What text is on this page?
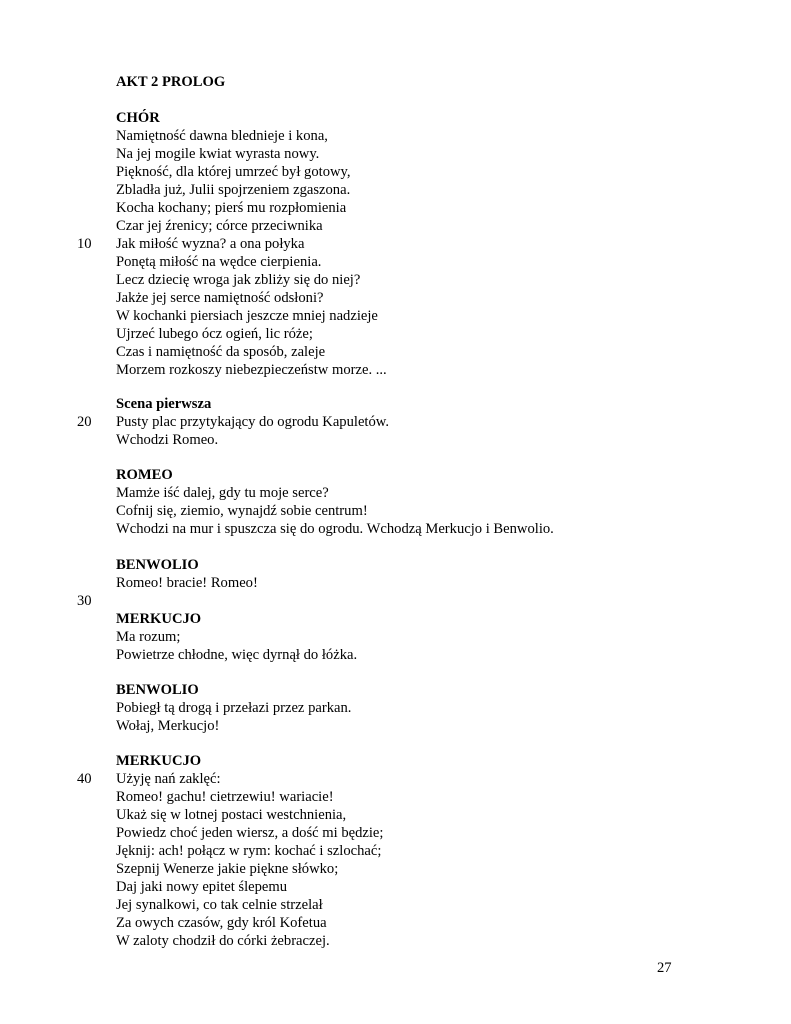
AKT 2 PROLOG
CHÓR
Namiętność dawna blednieje i kona,
Na jej mogile kwiat wyrasta nowy.
Piękność, dla której umrzeć był gotowy,
Zbladła już, Julii spojrzeniem zgaszona.
Kocha kochany; pierś mu rozpłomienia
Czar jej źrenicy; córce przeciwnika
Jak miłość wyzna? a ona połyka
Ponętą miłość na wędce cierpienia.
Lecz dziecię wroga jak zbliży się do niej?
Jakże jej serce namiętność odsłoni?
W kochanki piersiach jeszcze mniej nadzieje
Ujrzeć lubego ócz ogień, lic róże;
Czas i namiętność da sposób, zaleje
Morzem rozkoszy niebezpieczeństw morze. ...
Scena pierwsza
Pusty plac przytykający do ogrodu Kapuletów.
Wchodzi Romeo.
ROMEO
Mamże iść dalej, gdy tu moje serce?
Cofnij się, ziemio, wynajdź sobie centrum!
Wchodzi na mur i spuszcza się do ogrodu. Wchodzą Merkucjo i Benwolio.
BENWOLIO
Romeo! bracie! Romeo!
MERKUCJO
Ma rozum;
Powietrze chłodne, więc dyrnął do łóżka.
BENWOLIO
Pobiegł tą drogą i przełazi przez parkan.
Wołaj, Merkucjo!
MERKUCJO
Użyję nań zaklęć:
Romeo! gachu! cietrzewiu! wariacie!
Ukaż się w lotnej postaci westchnienia,
Powiedz choć jeden wiersz, a dość mi będzie;
Jęknij: ach! połącz w rym: kochać i szlochać;
Szepnij Wenerze jakie piękne słówko;
Daj jaki nowy epitet ślepemu
Jej synalkowi, co tak celnie strzelał
Za owych czasów, gdy król Kofetua
W zaloty chodził do córki żebraczej.
10
20
30
40
27
